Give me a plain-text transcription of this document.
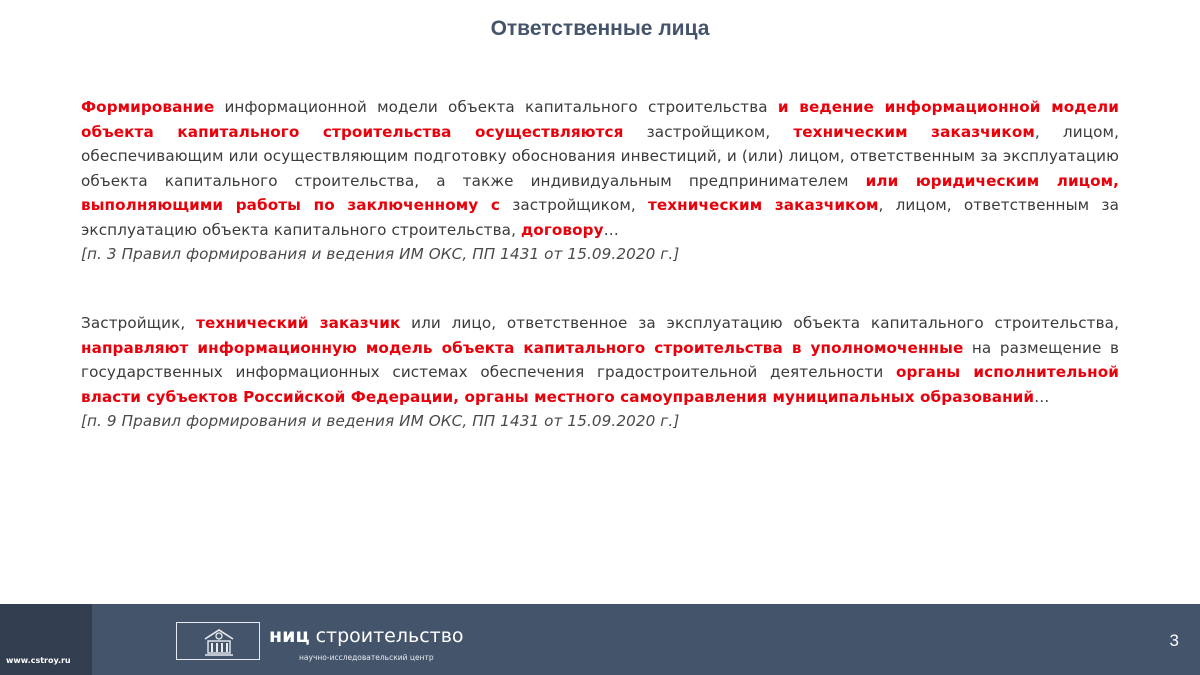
Ответственные лица
Формирование информационной модели объекта капитального строительства и ведение информационной модели объекта капитального строительства осуществляются застройщиком, техническим заказчиком, лицом, обеспечивающим или осуществляющим подготовку обоснования инвестиций, и (или) лицом, ответственным за эксплуатацию объекта капитального строительства, а также индивидуальным предпринимателем или юридическим лицом, выполняющими работы по заключенному с застройщиком, техническим заказчиком, лицом, ответственным за эксплуатацию объекта капитального строительства, договору…
[п. 3 Правил формирования и ведения ИМ ОКС, ПП 1431 от 15.09.2020 г.]
Застройщик, технический заказчик или лицо, ответственное за эксплуатацию объекта капитального строительства, направляют информационную модель объекта капитального строительства в уполномоченные на размещение в государственных информационных системах обеспечения градостроительной деятельности органы исполнительной власти субъектов Российской Федерации, органы местного самоуправления муниципальных образований…
[п. 9 Правил формирования и ведения ИМ ОКС, ПП 1431 от 15.09.2020 г.]
www.cstroy.ru
ниц строительство
научно-исследовательский центр
3
